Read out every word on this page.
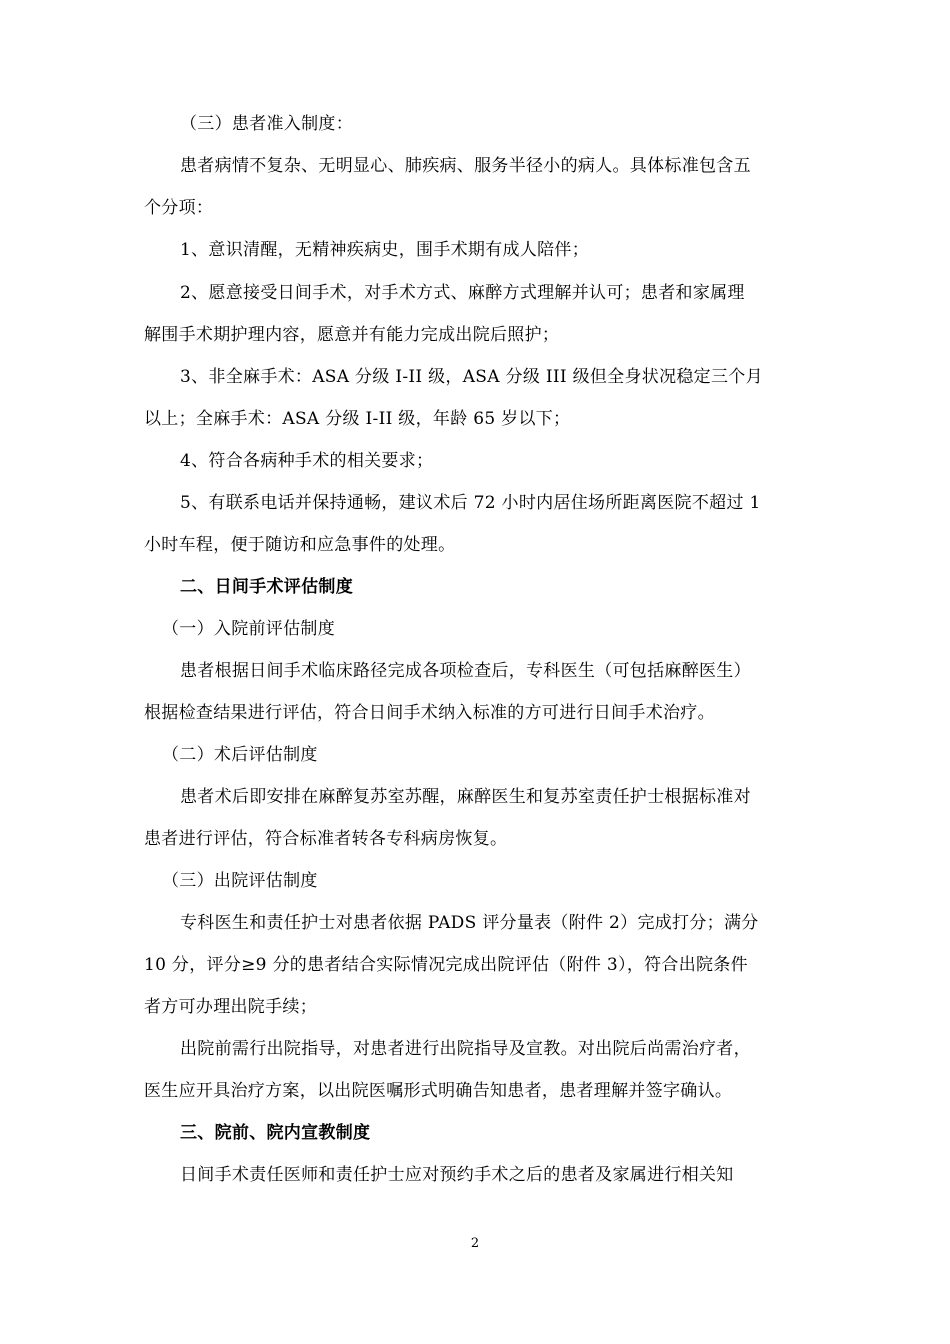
（三）患者准入制度：
患者病情不复杂、无明显心、肺疾病、服务半径小的病人。具体标准包含五
个分项：
1、意识清醒，无精神疾病史，围手术期有成人陪伴；
2、愿意接受日间手术，对手术方式、麻醉方式理解并认可；患者和家属理
解围手术期护理内容，愿意并有能力完成出院后照护；
3、非全麻手术：ASA 分级 I-II 级，ASA 分级 III 级但全身状况稳定三个月
以上；全麻手术：ASA 分级 I-II 级，年龄 65 岁以下；
4、符合各病种手术的相关要求；
5、有联系电话并保持通畅，建议术后 72 小时内居住场所距离医院不超过 1
小时车程，便于随访和应急事件的处理。
二、日间手术评估制度
（一）入院前评估制度
患者根据日间手术临床路径完成各项检查后，专科医生（可包括麻醉医生）
根据检查结果进行评估，符合日间手术纳入标准的方可进行日间手术治疗。
（二）术后评估制度
患者术后即安排在麻醉复苏室苏醒，麻醉医生和复苏室责任护士根据标准对
患者进行评估，符合标准者转各专科病房恢复。
（三）出院评估制度
专科医生和责任护士对患者依据 PADS 评分量表（附件 2）完成打分；满分
10 分，评分≥9 分的患者结合实际情况完成出院评估（附件 3），符合出院条件
者方可办理出院手续；
出院前需行出院指导，对患者进行出院指导及宣教。对出院后尚需治疗者，
医生应开具治疗方案，以出院医嘱形式明确告知患者，患者理解并签字确认。
三、院前、院内宣教制度
日间手术责任医师和责任护士应对预约手术之后的患者及家属进行相关知
2
